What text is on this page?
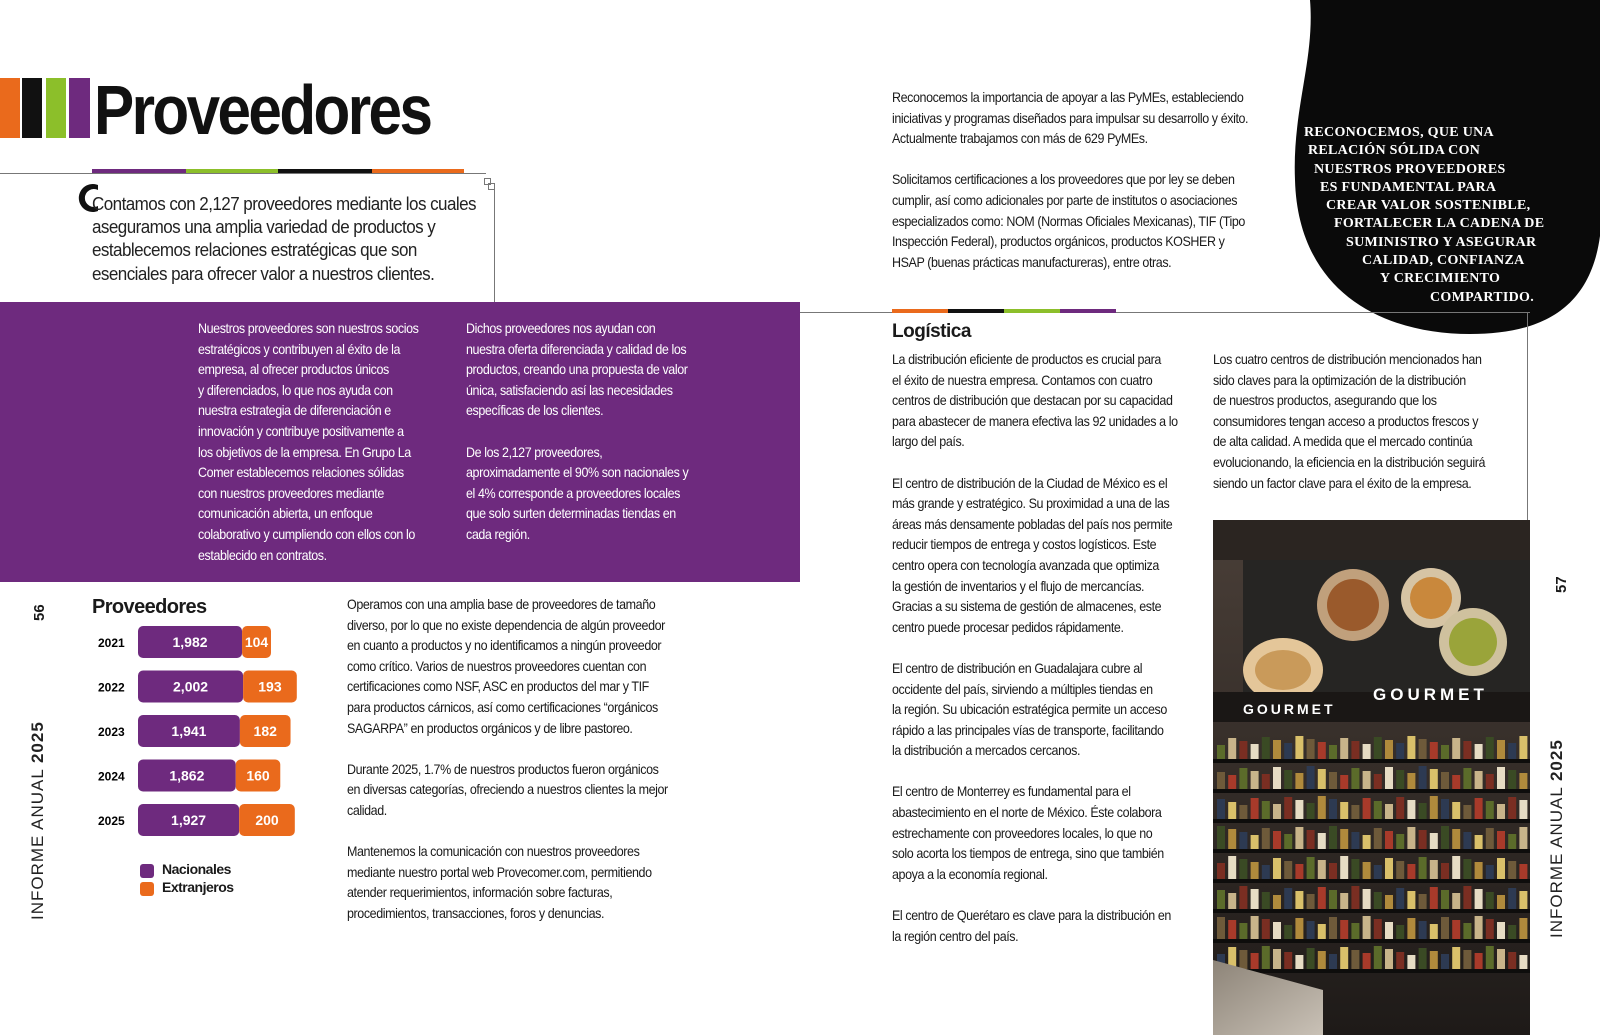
Proveedores
Contamos con 2,127 proveedores mediante los cuales aseguramos una amplia variedad de productos y establecemos relaciones estratégicas que son esenciales para ofrecer valor a nuestros clientes.
Nuestros proveedores son nuestros socios
estratégicos y contribuyen al éxito de la
empresa, al ofrecer productos únicos
y diferenciados, lo que nos ayuda con
nuestra estrategia de diferenciación e
innovación y contribuye positivamente a
los objetivos de la empresa. En Grupo La
Comer establecemos relaciones sólidas
con nuestros proveedores mediante
comunicación abierta, un enfoque
colaborativo y cumpliendo con ellos con lo
establecido en contratos.
Dichos proveedores nos ayudan con
nuestra oferta diferenciada y calidad de los
productos, creando una propuesta de valor
única, satisfaciendo así las necesidades
específicas de los clientes.

De los 2,127 proveedores,
aproximadamente el 90% son nacionales y
el 4% corresponde a proveedores locales
que solo surten determinadas tiendas en
cada región.
56
INFORME ANUAL 2025
Proveedores
2021	1,982	104
2022	2,002	193
2023	1,941	182
2024	1,862	160
2025	1,927	200
Nacionales
Extranjeros
Operamos con una amplia base de proveedores de tamaño
diverso, por lo que no existe dependencia de algún proveedor
en cuanto a productos y no identificamos a ningún proveedor
como crítico. Varios de nuestros proveedores cuentan con
certificaciones como NSF, ASC en productos del mar y TIF
para productos cárnicos, así como certificaciones “orgánicos
SAGARPA” en productos orgánicos y de libre pastoreo.

Durante 2025, 1.7% de nuestros productos fueron orgánicos
en diversas categorías, ofreciendo a nuestros clientes la mejor
calidad.

Mantenemos la comunicación con nuestros proveedores
mediante nuestro portal web Provecomer.com, permitiendo
atender requerimientos, información sobre facturas,
procedimientos, transacciones, foros y denuncias.
Reconocemos la importancia de apoyar a las PyMEs, estableciendo
iniciativas y programas diseñados para impulsar su desarrollo y éxito.
Actualmente trabajamos con más de 629 PyMEs.

Solicitamos certificaciones a los proveedores que por ley se deben
cumplir, así como adicionales por parte de institutos o asociaciones
especializados como: NOM (Normas Oficiales Mexicanas), TIF (Tipo
Inspección Federal), productos orgánicos, productos KOSHER y
HSAP (buenas prácticas manufactureras), entre otras.
RECONOCEMOS, QUE UNA
RELACIÓN SÓLIDA CON
NUESTROS PROVEEDORES
ES FUNDAMENTAL PARA
CREAR VALOR SOSTENIBLE,
FORTALECER LA CADENA DE
SUMINISTRO Y ASEGURAR
CALIDAD, CONFIANZA
Y CRECIMIENTO
COMPARTIDO.
Logística
La distribución eficiente de productos es crucial para
el éxito de nuestra empresa. Contamos con cuatro
centros de distribución que destacan por su capacidad
para abastecer de manera efectiva las 92 unidades a lo
largo del país.

El centro de distribución de la Ciudad de México es el
más grande y estratégico. Su proximidad a una de las
áreas más densamente pobladas del país nos permite
reducir tiempos de entrega y costos logísticos. Este
centro opera con tecnología avanzada que optimiza
la gestión de inventarios y el flujo de mercancías.
Gracias a su sistema de gestión de almacenes, este
centro puede procesar pedidos rápidamente.

El centro de distribución en Guadalajara cubre al
occidente del país, sirviendo a múltiples tiendas en
la región. Su ubicación estratégica permite un acceso
rápido a las principales vías de transporte, facilitando
la distribución a mercados cercanos.

El centro de Monterrey es fundamental para el
abastecimiento en el norte de México. Éste colabora
estrechamente con proveedores locales, lo que no
solo acorta los tiempos de entrega, sino que también
apoya a la economía regional.

El centro de Querétaro es clave para la distribución en
la región centro del país.
Los cuatro centros de distribución mencionados han
sido claves para la optimización de la distribución
de nuestros productos, asegurando que los
consumidores tengan acceso a productos frescos y
de alta calidad. A medida que el mercado continúa
evolucionando, la eficiencia en la distribución seguirá
siendo un factor clave para el éxito de la empresa.
GOURMET
GOURMET
57
INFORME ANUAL 2025
